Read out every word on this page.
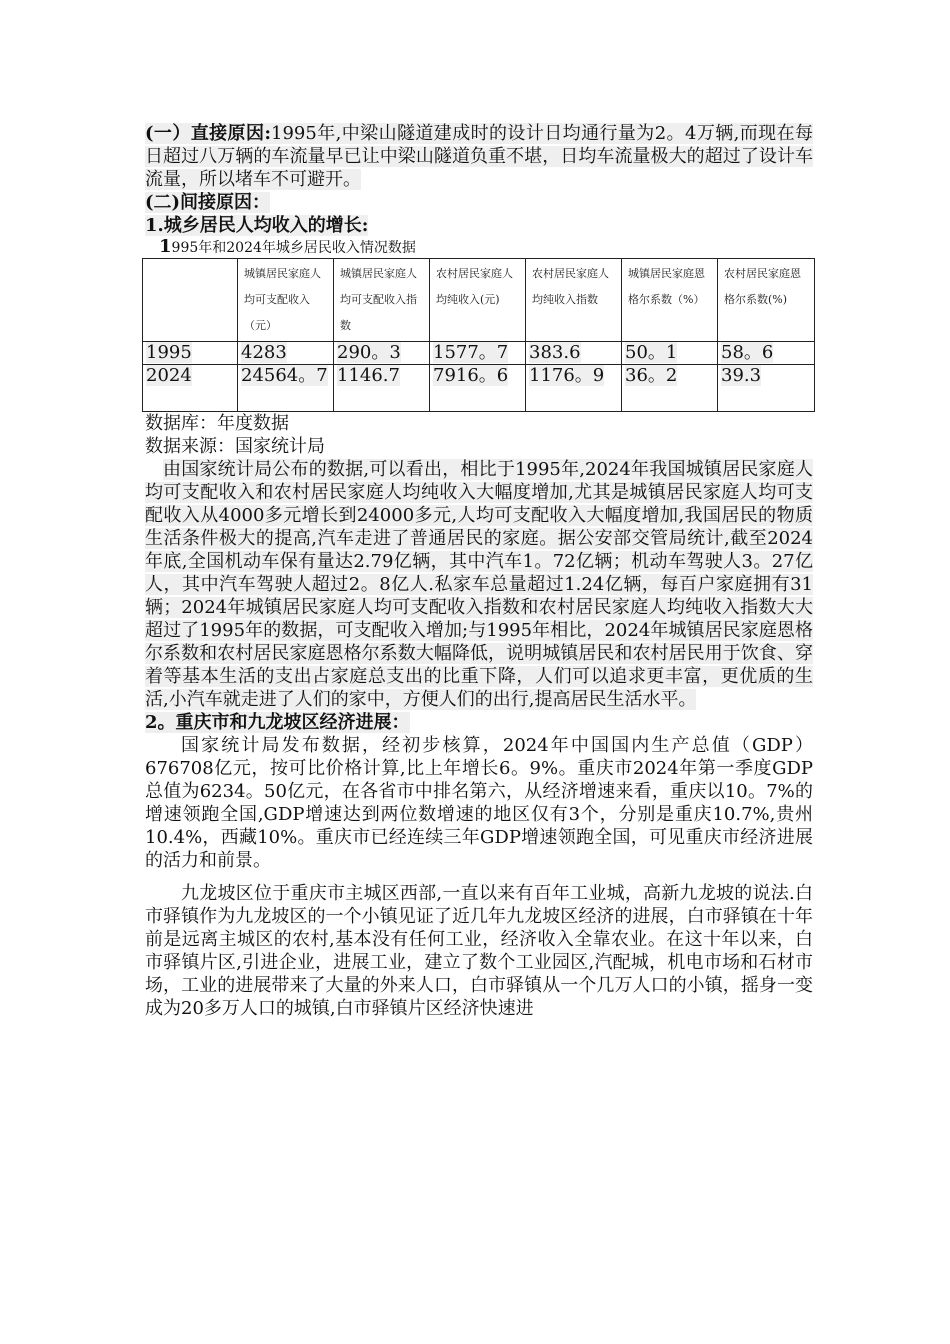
(一）直接原因:1995年,中梁山隧道建成时的设计日均通行量为2。4万辆,而现在每日超过八万辆的车流量早已让中梁山隧道负重不堪，日均车流量极大的超过了设计车流量，所以堵车不可避开。

(二)间接原因：

1.城乡居民人均收入的增长:

1995年和2024年城乡居民收入情况数据

	城镇居民家庭人均可支配收入（元）	城镇居民家庭人均可支配收入指数	农村居民家庭人均纯收入(元)	农村居民家庭人均纯收入指数	城镇居民家庭恩格尔系数（%）	农村居民家庭恩格尔系数(%)
1995	4283	290。3	1577。7	383.6	50。1	58。6
2024	24564。7	1146.7	7916。6	1176。9	36。2	39.3

数据库：年度数据

数据来源：国家统计局

由国家统计局公布的数据,可以看出，相比于1995年,2024年我国城镇居民家庭人均可支配收入和农村居民家庭人均纯收入大幅度增加,尤其是城镇居民家庭人均可支配收入从4000多元增长到24000多元,人均可支配收入大幅度增加,我国居民的物质生活条件极大的提高,汽车走进了普通居民的家庭。据公安部交管局统计,截至2024年底,全国机动车保有量达2.79亿辆，其中汽车1。72亿辆；机动车驾驶人3。27亿人，其中汽车驾驶人超过2。8亿人.私家车总量超过1.24亿辆，每百户家庭拥有31辆；2024年城镇居民家庭人均可支配收入指数和农村居民家庭人均纯收入指数大大超过了1995年的数据，可支配收入增加;与1995年相比，2024年城镇居民家庭恩格尔系数和农村居民家庭恩格尔系数大幅降低，说明城镇居民和农村居民用于饮食、穿着等基本生活的支出占家庭总支出的比重下降，人们可以追求更丰富，更优质的生活,小汽车就走进了人们的家中，方便人们的出行,提高居民生活水平。

2。重庆市和九龙坡区经济进展：

国家统计局发布数据，经初步核算，2024年中国国内生产总值（GDP）676708亿元，按可比价格计算,比上年增长6。9%。重庆市2024年第一季度GDP总值为6234。50亿元，在各省市中排名第六，从经济增速来看，重庆以10。7%的增速领跑全国,GDP增速达到两位数增速的地区仅有3个，分别是重庆10.7%,贵州10.4%，西藏10%。重庆市已经连续三年GDP增速领跑全国，可见重庆市经济进展的活力和前景。

九龙坡区位于重庆市主城区西部,一直以来有百年工业城，高新九龙坡的说法.白市驿镇作为九龙坡区的一个小镇见证了近几年九龙坡区经济的进展，白市驿镇在十年前是远离主城区的农村,基本没有任何工业，经济收入全靠农业。在这十年以来，白市驿镇片区,引进企业，进展工业，建立了数个工业园区,汽配城，机电市场和石材市场，工业的进展带来了大量的外来人口，白市驿镇从一个几万人口的小镇，摇身一变成为20多万人口的城镇,白市驿镇片区经济快速进
